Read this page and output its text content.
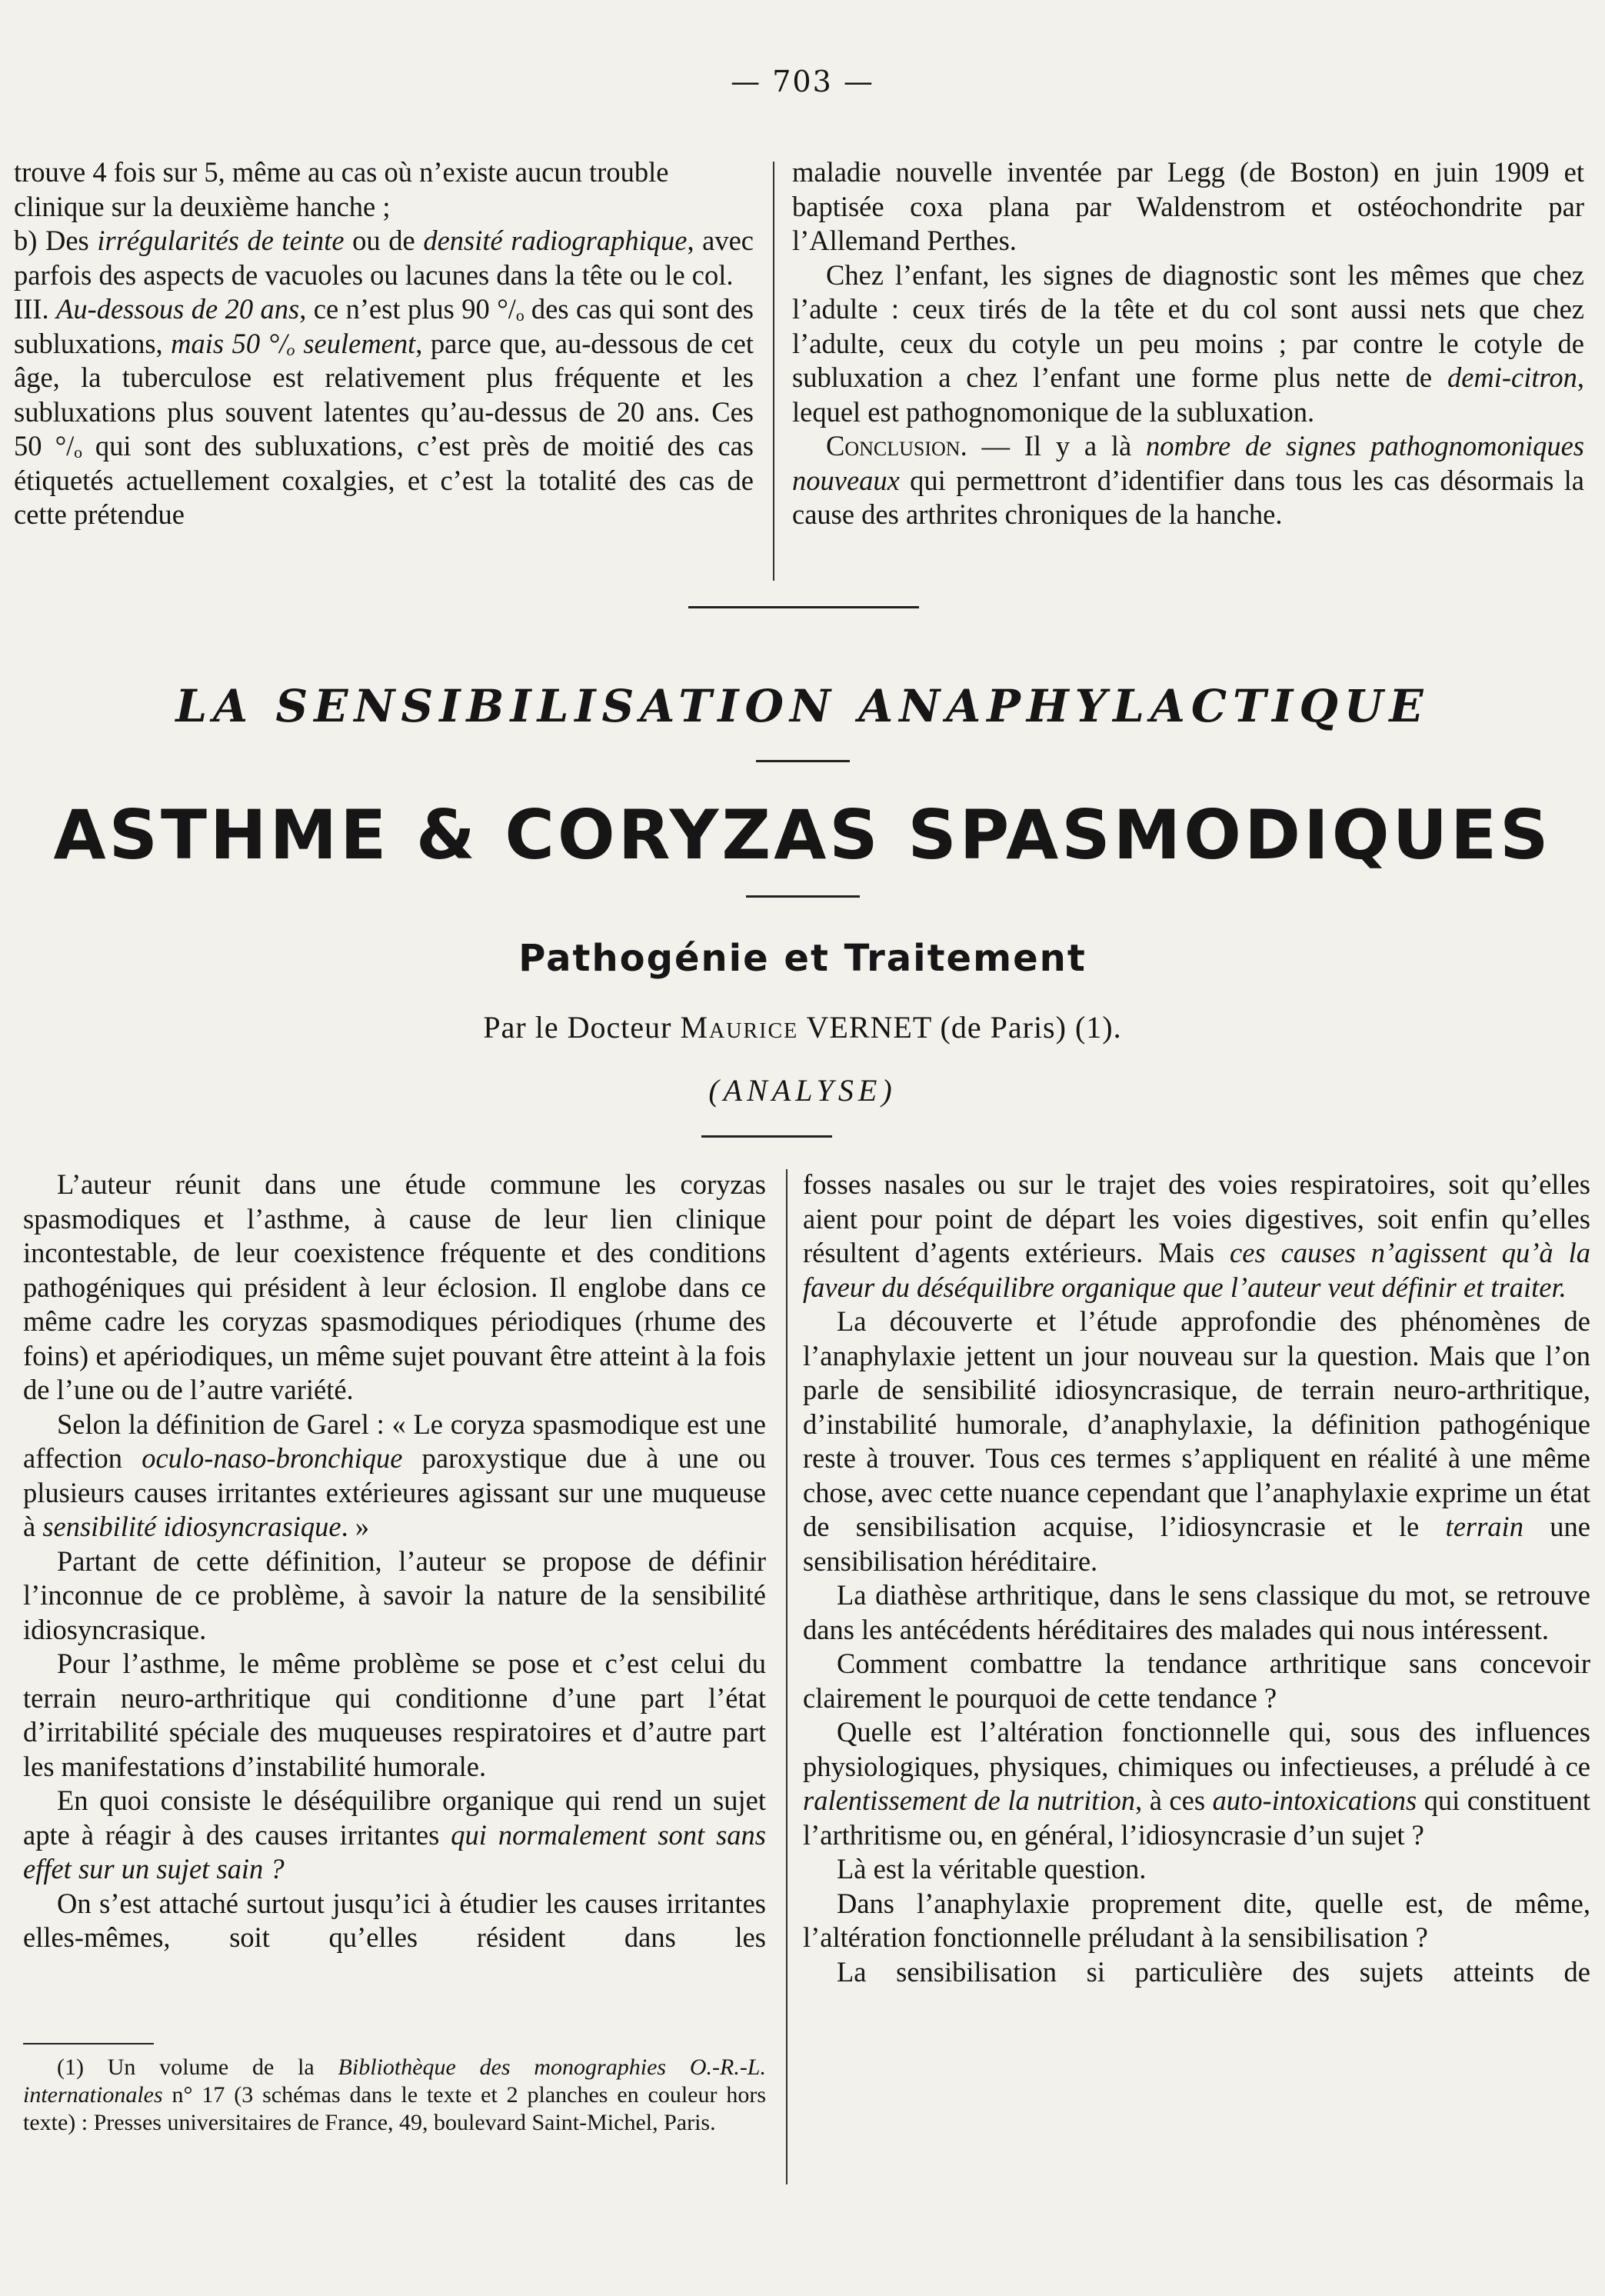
— 703 —

trouve 4 fois sur 5, même au cas où n’existe aucun trouble
clinique sur la deuxième hanche ;

b) Des irrégularités de teinte ou de densité radiographique, avec parfois des aspects de vacuoles ou lacunes dans la tête ou le col.

III. Au-dessous de 20 ans, ce n’est plus 90 °/ₒ des cas qui sont des subluxations, mais 50 °/ₒ seulement, parce que, au-dessous de cet âge, la tuberculose est relativement plus fréquente et les subluxations plus souvent latentes qu’au-dessus de 20 ans. Ces 50 °/ₒ qui sont des subluxations, c’est près de moitié des cas étiquetés actuellement coxalgies, et c’est la totalité des cas de cette prétendue

maladie nouvelle inventée par Legg (de Boston) en juin 1909 et baptisée coxa plana par Waldenstrom et ostéochondrite par l’Allemand Perthes.

Chez l’enfant, les signes de diagnostic sont les mêmes que chez l’adulte : ceux tirés de la tête et du col sont aussi nets que chez l’adulte, ceux du cotyle un peu moins ; par contre le cotyle de subluxation a chez l’enfant une forme plus nette de demi-citron, lequel est pathognomonique de la subluxation.

Conclusion. — Il y a là nombre de signes pathognomoniques nouveaux qui permettront d’identifier dans tous les cas désormais la cause des arthrites chroniques de la hanche.

LA SENSIBILISATION ANAPHYLACTIQUE
ASTHME & CORYZAS SPASMODIQUES
Pathogénie et Traitement
Par le Docteur Maurice VERNET (de Paris) (1).
(ANALYSE)

L’auteur réunit dans une étude commune les coryzas spasmodiques et l’asthme, à cause de leur lien clinique incontestable, de leur coexistence fréquente et des conditions pathogéniques qui président à leur éclosion. Il englobe dans ce même cadre les coryzas spasmodiques périodiques (rhume des foins) et apériodiques, un même sujet pouvant être atteint à la fois de l’une ou de l’autre variété.

Selon la définition de Garel : « Le coryza spasmodique est une affection oculo-naso-bronchique paroxystique due à une ou plusieurs causes irritantes extérieures agissant sur une muqueuse à sensibilité idiosyncrasique. »

Partant de cette définition, l’auteur se propose de définir l’inconnue de ce problème, à savoir la nature de la sensibilité idiosyncrasique.

Pour l’asthme, le même problème se pose et c’est celui du terrain neuro-arthritique qui conditionne d’une part l’état d’irritabilité spéciale des muqueuses respiratoires et d’autre part les manifestations d’instabilité humorale.

En quoi consiste le déséquilibre organique qui rend un sujet apte à réagir à des causes irritantes qui normalement sont sans effet sur un sujet sain ?

On s’est attaché surtout jusqu’ici à étudier les causes irritantes elles-mêmes, soit qu’elles résident dans les

(1) Un volume de la Bibliothèque des monographies O.-R.-L. internationales n° 17 (3 schémas dans le texte et 2 planches en couleur hors texte) : Presses universitaires de France, 49, boulevard Saint-Michel, Paris.

fosses nasales ou sur le trajet des voies respiratoires, soit qu’elles aient pour point de départ les voies digestives, soit enfin qu’elles résultent d’agents extérieurs. Mais ces causes n’agissent qu’à la faveur du déséquilibre organique que l’auteur veut définir et traiter.

La découverte et l’étude approfondie des phénomènes de l’anaphylaxie jettent un jour nouveau sur la question. Mais que l’on parle de sensibilité idiosyncrasique, de terrain neuro-arthritique, d’instabilité humorale, d’anaphylaxie, la définition pathogénique reste à trouver. Tous ces termes s’appliquent en réalité à une même chose, avec cette nuance cependant que l’anaphylaxie exprime un état de sensibilisation acquise, l’idiosyncrasie et le terrain une sensibilisation héréditaire.

La diathèse arthritique, dans le sens classique du mot, se retrouve dans les antécédents héréditaires des malades qui nous intéressent.

Comment combattre la tendance arthritique sans concevoir clairement le pourquoi de cette tendance ?

Quelle est l’altération fonctionnelle qui, sous des influences physiologiques, physiques, chimiques ou infectieuses, a préludé à ce ralentissement de la nutrition, à ces auto-intoxications qui constituent l’arthritisme ou, en général, l’idiosyncrasie d’un sujet ?

Là est la véritable question.

Dans l’anaphylaxie proprement dite, quelle est, de même, l’altération fonctionnelle préludant à la sensibilisation ?

La sensibilisation si particulière des sujets atteints de
